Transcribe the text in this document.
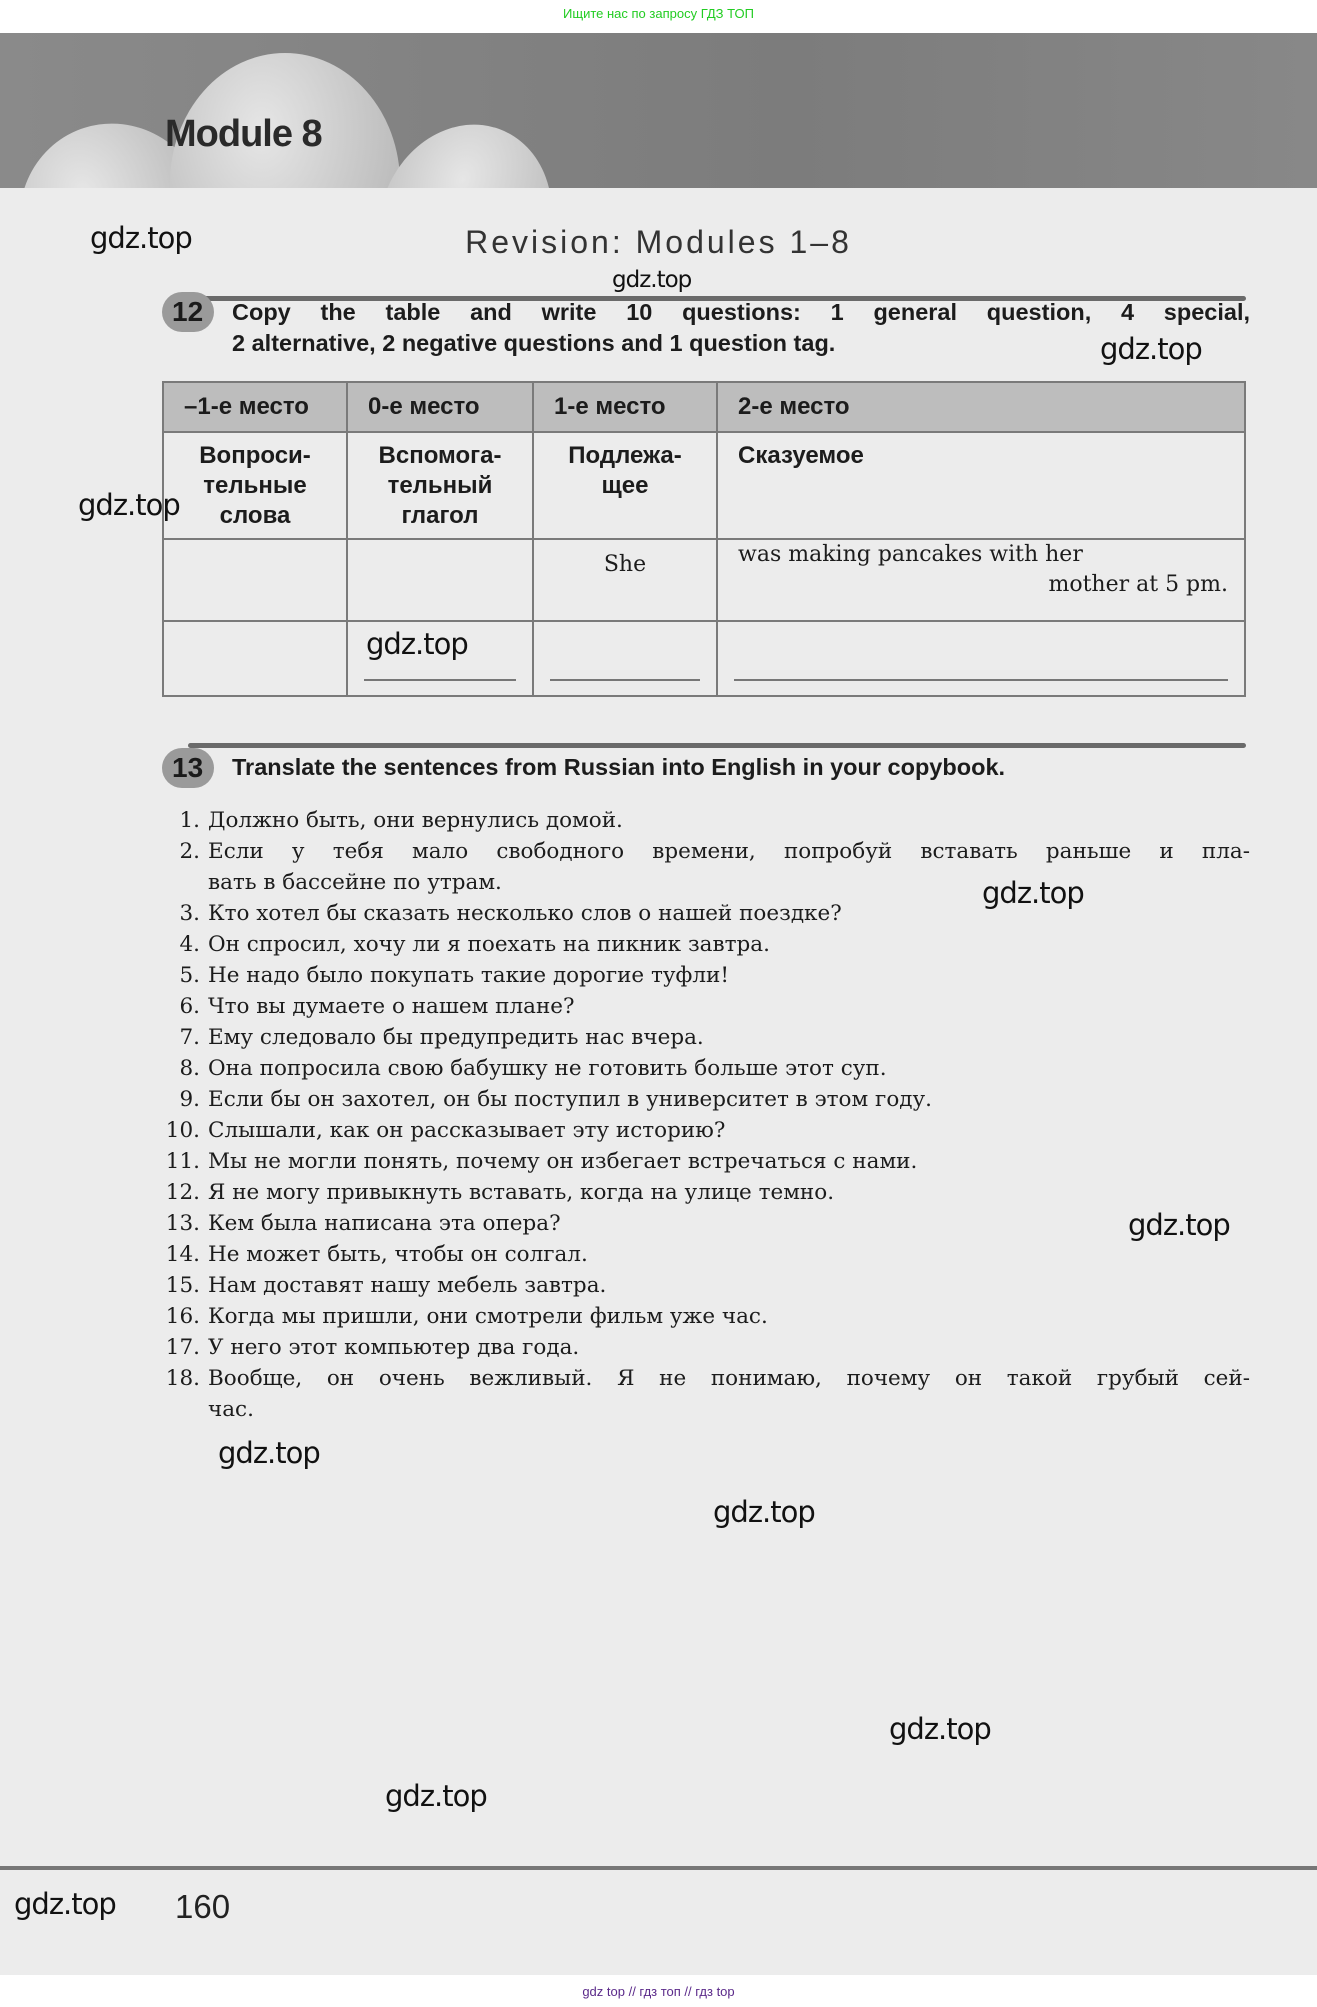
Ищите нас по запросу ГДЗ ТОП
Module 8
Revision: Modules 1–8
12	Copy the table and write 10 questions: 1 general question, 4 special,
2 alternative, 2 negative questions and 1 question tag.
–1-е место	0-е место	1-е место	2-е место
Вопроси-
тельные
слова	Вспомога-
тельный
глагол	Подлежа-
щее	Сказуемое
		She	was making pancakes with her
mother at 5 pm.

13	Translate the sentences from Russian into English in your copybook.
1. Должно быть, они вернулись домой.
2. Если у тебя мало свободного времени, попробуй вставать раньше и пла-
вать в бассейне по утрам.
3. Кто хотел бы сказать несколько слов о нашей поездке?
4. Он спросил, хочу ли я поехать на пикник завтра.
5. Не надо было покупать такие дорогие туфли!
6. Что вы думаете о нашем плане?
7. Ему следовало бы предупредить нас вчера.
8. Она попросила свою бабушку не готовить больше этот суп.
9. Если бы он захотел, он бы поступил в университет в этом году.
10. Слышали, как он рассказывает эту историю?
11. Мы не могли понять, почему он избегает встречаться с нами.
12. Я не могу привыкнуть вставать, когда на улице темно.
13. Кем была написана эта опера?
14. Не может быть, чтобы он солгал.
15. Нам доставят нашу мебель завтра.
16. Когда мы пришли, они смотрели фильм уже час.
17. У него этот компьютер два года.
18. Вообще, он очень вежливый. Я не понимаю, почему он такой грубый сей-
час.
160
gdz.top
gdz.top
gdz.top
gdz.top
gdz.top
gdz.top
gdz.top
gdz.top
gdz.top
gdz.top
gdz.top
gdz.top
gdz top // гдз топ // гдз top
